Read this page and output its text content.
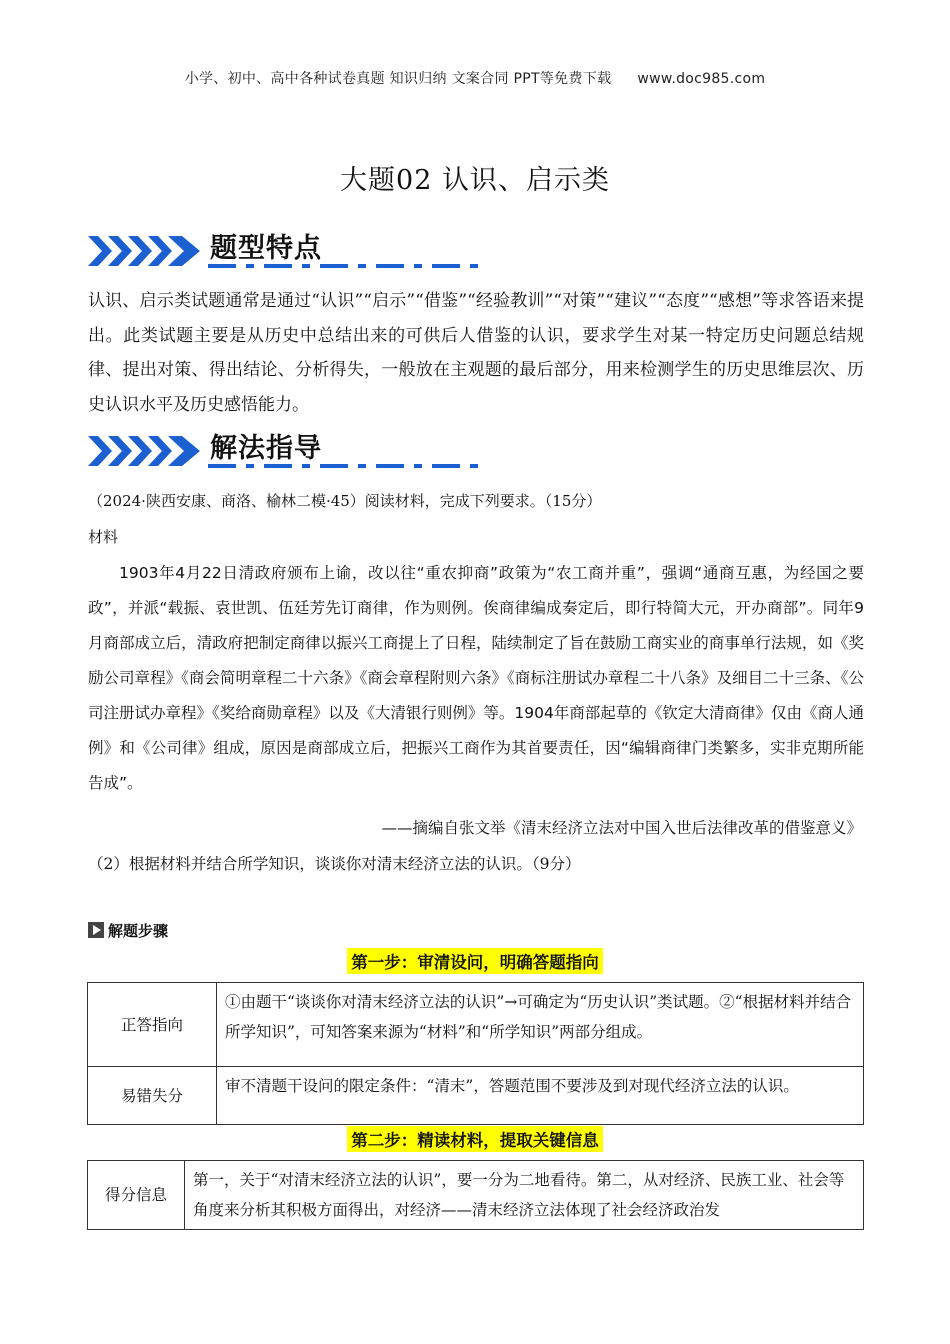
小学、初中、高中各种试卷真题 知识归纳 文案合同 PPT等免费下载 www.doc985.com
大题02 认识、启示类
题型特点
认识、启示类试题通常是通过“认识”“启示”“借鉴”“经验教训”“对策”“建议”“态度”“感想”等求答语来提出。此类试题主要是从历史中总结出来的可供后人借鉴的认识，要求学生对某一特定历史问题总结规律、提出对策、得出结论、分析得失，一般放在主观题的最后部分，用来检测学生的历史思维层次、历史认识水平及历史感悟能力。
解法指导
（2024·陕西安康、商洛、榆林二模·45）阅读材料，完成下列要求。（15分）
材料
1903年4月22日清政府颁布上谕，改以往“重农抑商”政策为“农工商并重”，强调“通商互惠，为经国之要政”，并派“载振、袁世凯、伍廷芳先订商律，作为则例。俟商律编成奏定后，即行特简大元，开办商部”。同年9月商部成立后，清政府把制定商律以振兴工商提上了日程，陆续制定了旨在鼓励工商实业的商事单行法规，如《奖励公司章程》《商会简明章程二十六条》《商会章程附则六条》《商标注册试办章程二十八条》及细目二十三条、《公司注册试办章程》《奖给商勋章程》以及《大清银行则例》等。1904年商部起草的《钦定大清商律》仅由《商人通例》和《公司律》组成，原因是商部成立后，把振兴工商作为其首要责任，因“编辑商律门类繁多，实非克期所能告成”。
——摘编自张文举《清末经济立法对中国入世后法律改革的借鉴意义》
（2）根据材料并结合所学知识，谈谈你对清末经济立法的认识。（9分）
解题步骤
第一步：审清设问，明确答题指向
正答指向	①由题干“谈谈你对清末经济立法的认识”→可确定为“历史认识”类试题。②“根据材料并结合所学知识”，可知答案来源为“材料”和“所学知识”两部分组成。
易错失分	审不清题干设问的限定条件：“清末”，答题范围不要涉及到对现代经济立法的认识。
第二步：精读材料，提取关键信息
得分信息	第一，关于“对清末经济立法的认识”，要一分为二地看待。第二，从对经济、民族工业、社会等角度来分析其积极方面得出，对经济——清末经济立法体现了社会经济政治发
